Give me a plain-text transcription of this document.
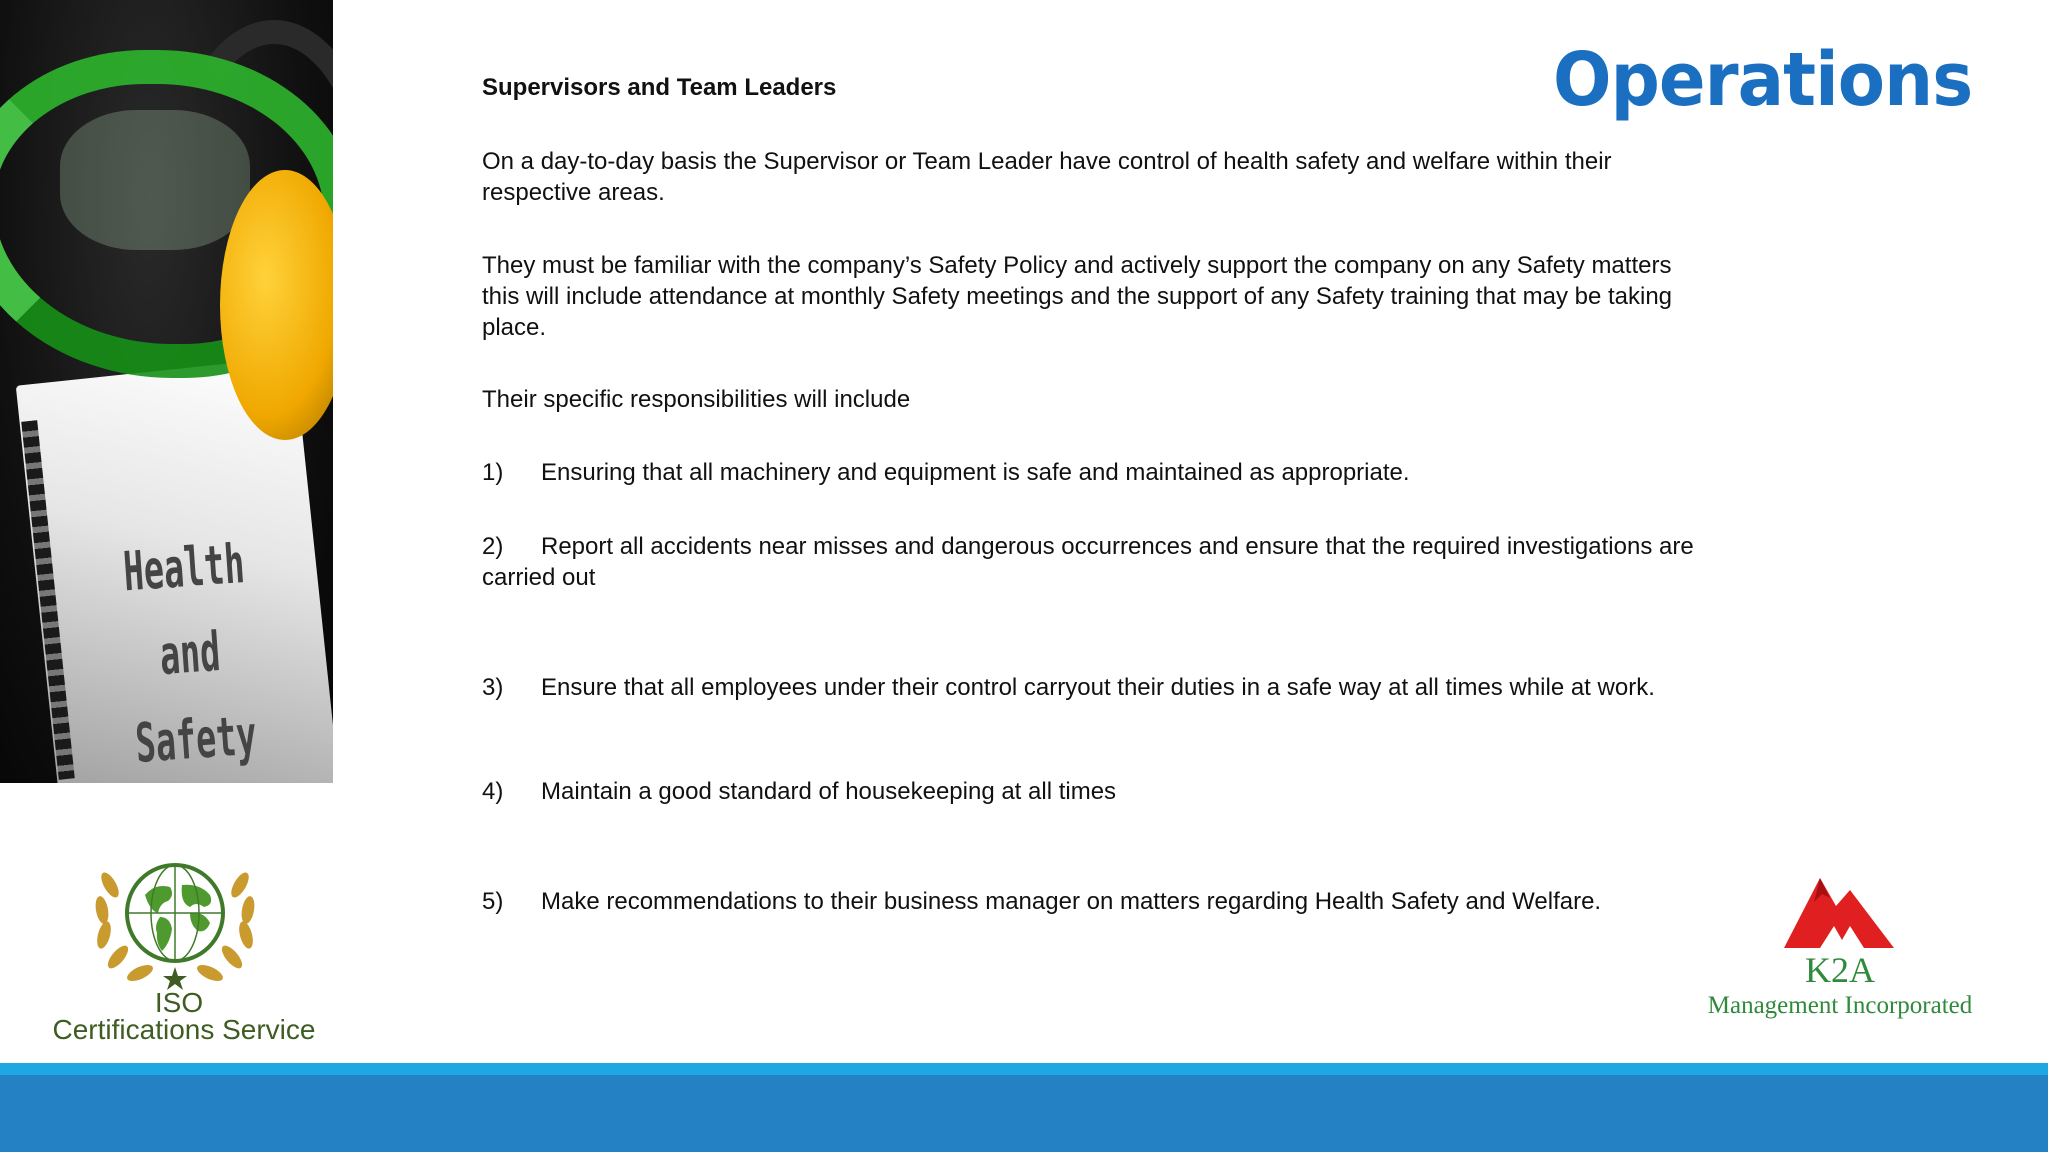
Health and
Safety
ISO
Certifications Service
Operations

Supervisors and Team Leaders

On a day-to-day basis the Supervisor or Team Leader have control of health safety and welfare within their respective areas.

They must be familiar with the company’s Safety Policy and actively support the company on any Safety matters this will include attendance at monthly Safety meetings and the support of any Safety training that may be taking place.

Their specific responsibilities will include

1) Ensuring that all machinery and equipment is safe and maintained as appropriate.
2) Report all accidents near misses and dangerous occurrences and ensure that the required investigations are carried out
3) Ensure that all employees under their control carryout their duties in a safe way at all times while at work.
4) Maintain a good standard of housekeeping at all times
5) Make recommendations to their business manager on matters regarding Health Safety and Welfare.
K2A
Management Incorporated
